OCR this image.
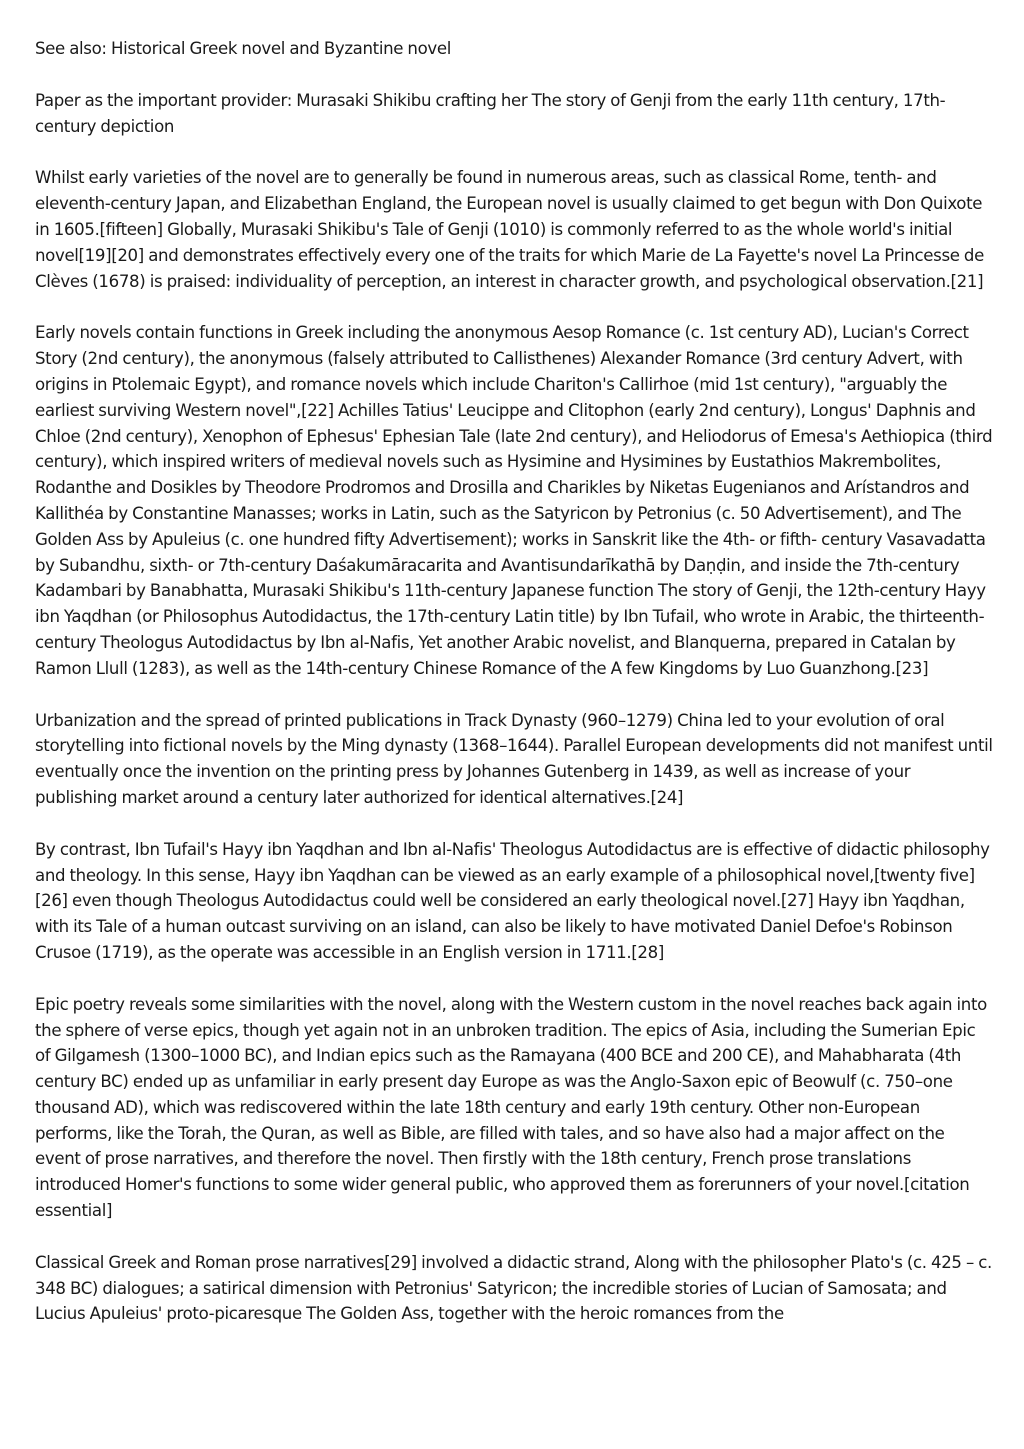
See also: Historical Greek novel and Byzantine novel

Paper as the important provider: Murasaki Shikibu crafting her The story of Genji from the early 11th century, 17th-century depiction

Whilst early varieties of the novel are to generally be found in numerous areas, such as classical Rome, tenth- and eleventh-century Japan, and Elizabethan England, the European novel is usually claimed to get begun with Don Quixote in 1605.[fifteen] Globally, Murasaki Shikibu's Tale of Genji (1010) is commonly referred to as the whole world's initial novel[19][20] and demonstrates effectively every one of the traits for which Marie de La Fayette's novel La Princesse de Clèves (1678) is praised: individuality of perception, an interest in character growth, and psychological observation.[21]

Early novels contain functions in Greek including the anonymous Aesop Romance (c. 1st century AD), Lucian's Correct Story (2nd century), the anonymous (falsely attributed to Callisthenes) Alexander Romance (3rd century Advert, with origins in Ptolemaic Egypt), and romance novels which include Chariton's Callirhoe (mid 1st century), "arguably the earliest surviving Western novel",[22] Achilles Tatius' Leucippe and Clitophon (early 2nd century), Longus' Daphnis and Chloe (2nd century), Xenophon of Ephesus' Ephesian Tale (late 2nd century), and Heliodorus of Emesa's Aethiopica (third century), which inspired writers of medieval novels such as Hysimine and Hysimines by Eustathios Makrembolites, Rodanthe and Dosikles by Theodore Prodromos and Drosilla and Charikles by Niketas Eugenianos and Arístandros and Kallithéa by Constantine Manasses; works in Latin, such as the Satyricon by Petronius (c. 50 Advertisement), and The Golden Ass by Apuleius (c. one hundred fifty Advertisement); works in Sanskrit like the 4th- or fifth- century Vasavadatta by Subandhu, sixth- or 7th-century Daśakumāracarita and Avantisundarīkathā by Daṇḍin, and inside the 7th-century Kadambari by Banabhatta, Murasaki Shikibu's 11th-century Japanese function The story of Genji, the 12th-century Hayy ibn Yaqdhan (or Philosophus Autodidactus, the 17th-century Latin title) by Ibn Tufail, who wrote in Arabic, the thirteenth-century Theologus Autodidactus by Ibn al-Nafis, Yet another Arabic novelist, and Blanquerna, prepared in Catalan by Ramon Llull (1283), as well as the 14th-century Chinese Romance of the A few Kingdoms by Luo Guanzhong.[23]

Urbanization and the spread of printed publications in Track Dynasty (960–1279) China led to your evolution of oral storytelling into fictional novels by the Ming dynasty (1368–1644). Parallel European developments did not manifest until eventually once the invention on the printing press by Johannes Gutenberg in 1439, as well as increase of your publishing market around a century later authorized for identical alternatives.[24]

By contrast, Ibn Tufail's Hayy ibn Yaqdhan and Ibn al-Nafis' Theologus Autodidactus are is effective of didactic philosophy and theology. In this sense, Hayy ibn Yaqdhan can be viewed as an early example of a philosophical novel,[twenty five][26] even though Theologus Autodidactus could well be considered an early theological novel.[27] Hayy ibn Yaqdhan, with its Tale of a human outcast surviving on an island, can also be likely to have motivated Daniel Defoe's Robinson Crusoe (1719), as the operate was accessible in an English version in 1711.[28]

Epic poetry reveals some similarities with the novel, along with the Western custom in the novel reaches back again into the sphere of verse epics, though yet again not in an unbroken tradition. The epics of Asia, including the Sumerian Epic of Gilgamesh (1300–1000 BC), and Indian epics such as the Ramayana (400 BCE and 200 CE), and Mahabharata (4th century BC) ended up as unfamiliar in early present day Europe as was the Anglo-Saxon epic of Beowulf (c. 750–one thousand AD), which was rediscovered within the late 18th century and early 19th century. Other non-European performs, like the Torah, the Quran, as well as Bible, are filled with tales, and so have also had a major affect on the event of prose narratives, and therefore the novel. Then firstly with the 18th century, French prose translations introduced Homer's functions to some wider general public, who approved them as forerunners of your novel.[citation essential]

Classical Greek and Roman prose narratives[29] involved a didactic strand, Along with the philosopher Plato's (c. 425 – c. 348 BC) dialogues; a satirical dimension with Petronius' Satyricon; the incredible stories of Lucian of Samosata; and Lucius Apuleius' proto-picaresque The Golden Ass, together with the heroic romances from the
